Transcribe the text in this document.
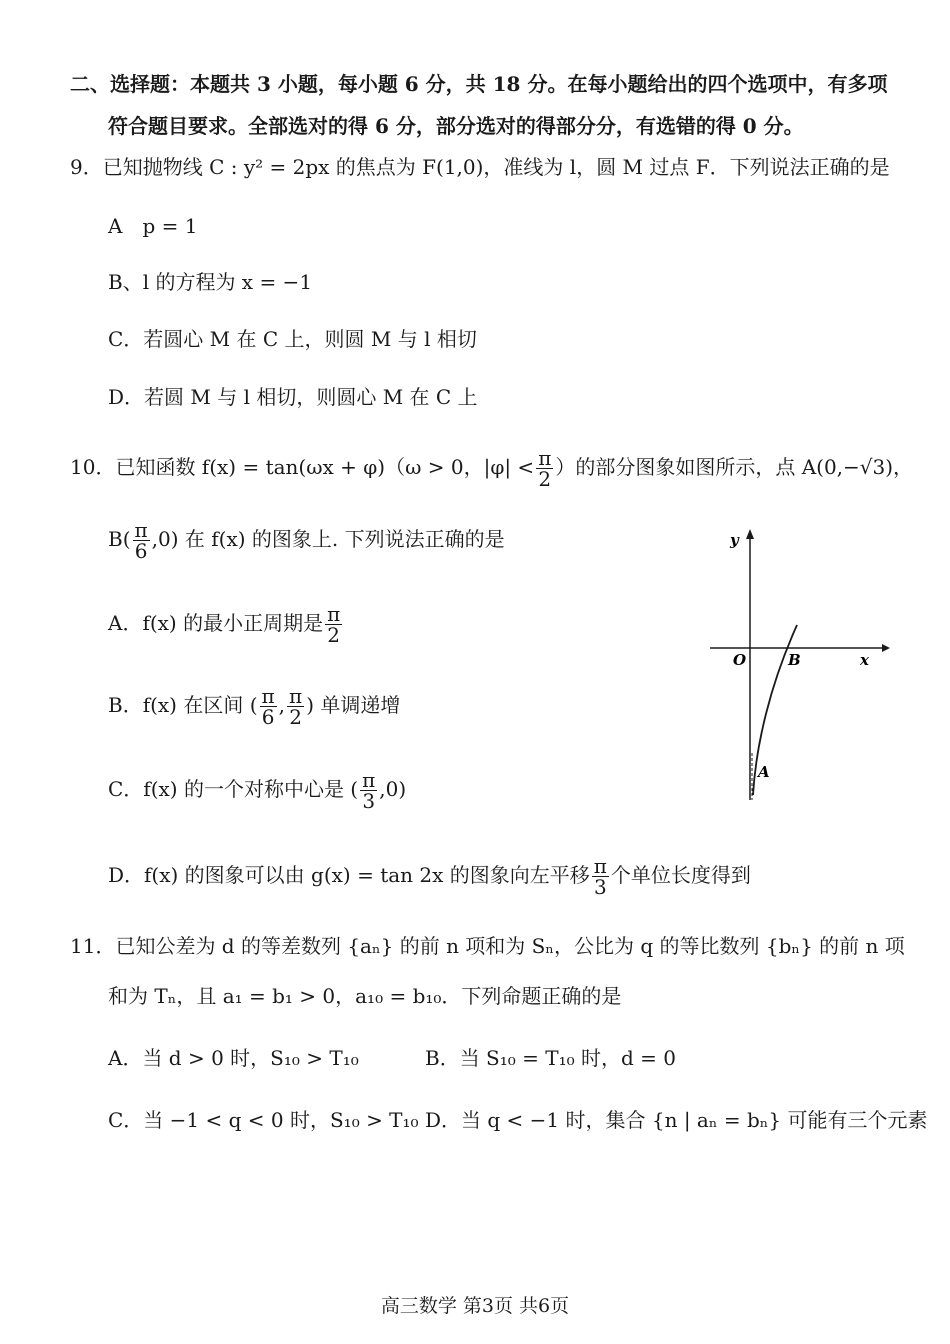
二、选择题：本题共 3 小题，每小题 6 分，共 18 分。在每小题给出的四个选项中，有多项
符合题目要求。全部选对的得 6 分，部分选对的得部分分，有选错的得 0 分。
9．已知抛物线 C : y² = 2px 的焦点为 F(1,0)，准线为 l，圆 M 过点 F．下列说法正确的是
A　p = 1
B、l 的方程为 x = −1
C．若圆心 M 在 C 上，则圆 M 与 l 相切
D．若圆 M 与 l 相切，则圆心 M 在 C 上
10．已知函数 f(x) = tan(ωx + φ)（ω > 0，$|\varphi| < \frac{\pi}{2}$ ）的部分图象如图所示，点 A(0,−√3)，
$B( \frac{\pi}{6} ,0)$ 在 f(x) 的图象上. 下列说法正确的是
A．f(x) 的最小正周期是 $\frac{\pi}{2}$
B．f(x) 在区间 ( $\frac{\pi}{6}$ , $\frac{\pi}{2}$ ) 单调递增
C．f(x) 的一个对称中心是 ( $\frac{\pi}{3} ,0$)
D．f(x) 的图象可以由 g(x) = tan 2x 的图象向左平移 $\frac{\pi}{3}$ 个单位长度得到
y
x
O	B
A
11．已知公差为 d 的等差数列 {aₙ} 的前 n 项和为 Sₙ，公比为 q 的等比数列 {bₙ} 的前 n 项
和为 Tₙ，且 a₁ = b₁ > 0，a₁₀ = b₁₀．下列命题正确的是
A．当 d > 0 时，S₁₀ > T₁₀	B．当 S₁₀ = T₁₀ 时，d = 0
C．当 −1 < q < 0 时，S₁₀ > T₁₀ D．当 q < −1 时，集合 {n | aₙ = bₙ} 可能有三个元素
高三数学 第3页 共6页
